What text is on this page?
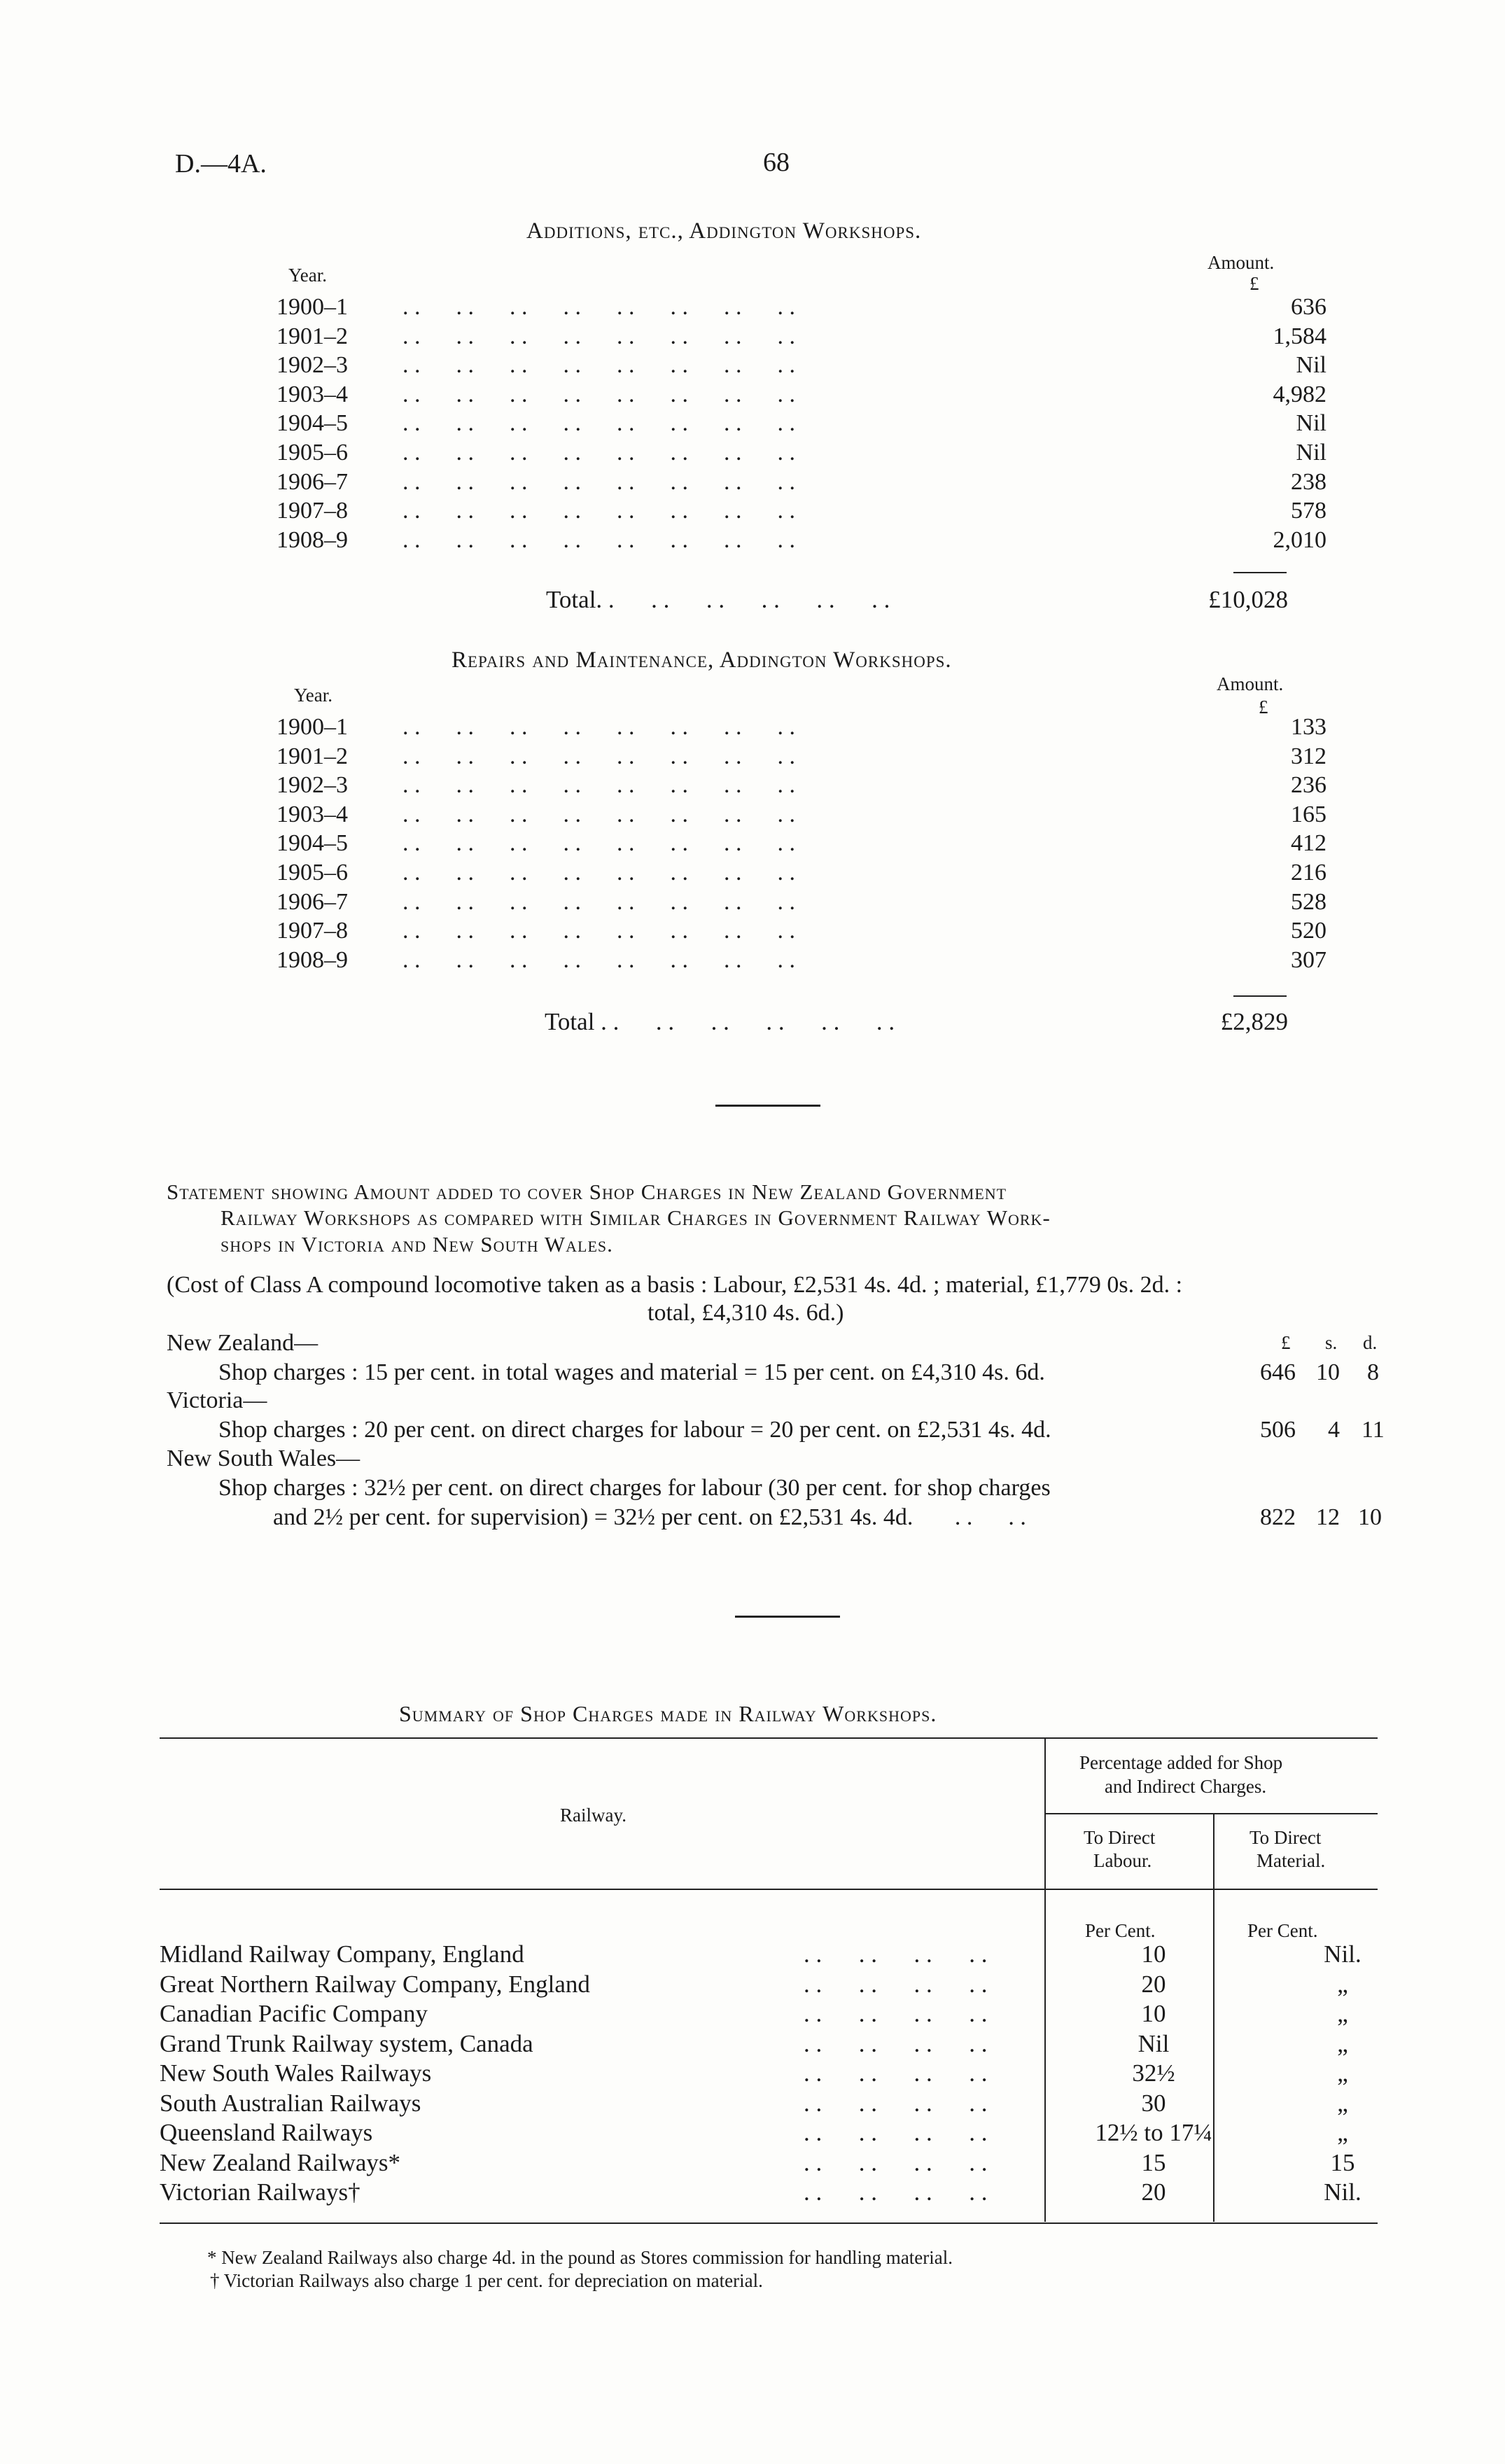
D.—4A.	68
Additions, etc., Addington Workshops.
Year.
Amount.
£
1900–1 . .      . .      . .      . .      . .      . .      . .      . .	636
1901–2 . .      . .      . .      . .      . .      . .      . .      . .	1,584
1902–3 . .      . .      . .      . .      . .      . .      . .      . .	Nil
1903–4 . .      . .      . .      . .      . .      . .      . .      . .	4,982
1904–5 . .      . .      . .      . .      . .      . .      . .      . .	Nil
1905–6 . .      . .      . .      . .      . .      . .      . .      . .	Nil
1906–7 . .      . .      . .      . .      . .      . .      . .      . .	238
1907–8 . .      . .      . .      . .      . .      . .      . .      . .	578
1908–9 . .      . .      . .      . .      . .      . .      . .      . .	2,010
Total. .      . .      . .      . .      . .      . .	£10,028
Repairs and Maintenance, Addington Workshops.
Year.
Amount.
£
1900–1 . .      . .      . .      . .      . .      . .      . .      . .	133
1901–2 . .      . .      . .      . .      . .      . .      . .      . .	312
1902–3 . .      . .      . .      . .      . .      . .      . .      . .	236
1903–4 . .      . .      . .      . .      . .      . .      . .      . .	165
1904–5 . .      . .      . .      . .      . .      . .      . .      . .	412
1905–6 . .      . .      . .      . .      . .      . .      . .      . .	216
1906–7 . .      . .      . .      . .      . .      . .      . .      . .	528
1907–8 . .      . .      . .      . .      . .      . .      . .      . .	520
1908–9 . .      . .      . .      . .      . .      . .      . .      . .	307
Total . .      . .      . .      . .      . .      . .	£2,829
Statement showing Amount added to cover Shop Charges in New Zealand Government
Railway Workshops as compared with Similar Charges in Government Railway Work-
shops in Victoria and New South Wales.
(Cost of Class A compound locomotive taken as a basis : Labour, £2,531 4s. 4d. ; material, £1,779 0s. 2d. :
total, £4,310 4s. 6d.)
£ s. d.
New Zealand—
Shop charges : 15 per cent. in total wages and material = 15 per cent. on £4,310 4s. 6d.	646 10 8
Victoria—
Shop charges : 20 per cent. on direct charges for labour = 20 per cent. on £2,531 4s. 4d.	506 4 11
New South Wales—
Shop charges : 32½ per cent. on direct charges for labour (30 per cent. for shop charges
and 2½ per cent. for supervision) = 32½ per cent. on £2,531 4s. 4d.       . .      . .	822 12 10
Summary of Shop Charges made in Railway Workshops.
Railway.
Percentage added for Shop
and Indirect Charges.
To Direct
Labour.
To Direct
Material.
Per Cent.	Per Cent.
Midland Railway Company, England	. .      . .      . .      . .	10	Nil.
Great Northern Railway Company, England	. .      . .      . .      . .	20	„
Canadian Pacific Company	. .      . .      . .      . .	10	„
Grand Trunk Railway system, Canada	. .      . .      . .      . .	Nil	„
New South Wales Railways	. .      . .      . .      . .	32½	„
South Australian Railways	. .      . .      . .      . .	30	„
Queensland Railways	. .      . .      . .      . .	12½ to 17¼	„
New Zealand Railways*	. .      . .      . .      . .	15	15
Victorian Railways†	. .      . .      . .      . .	20	Nil.
* New Zealand Railways also charge 4d. in the pound as Stores commission for handling material.
† Victorian Railways also charge 1 per cent. for depreciation on material.
